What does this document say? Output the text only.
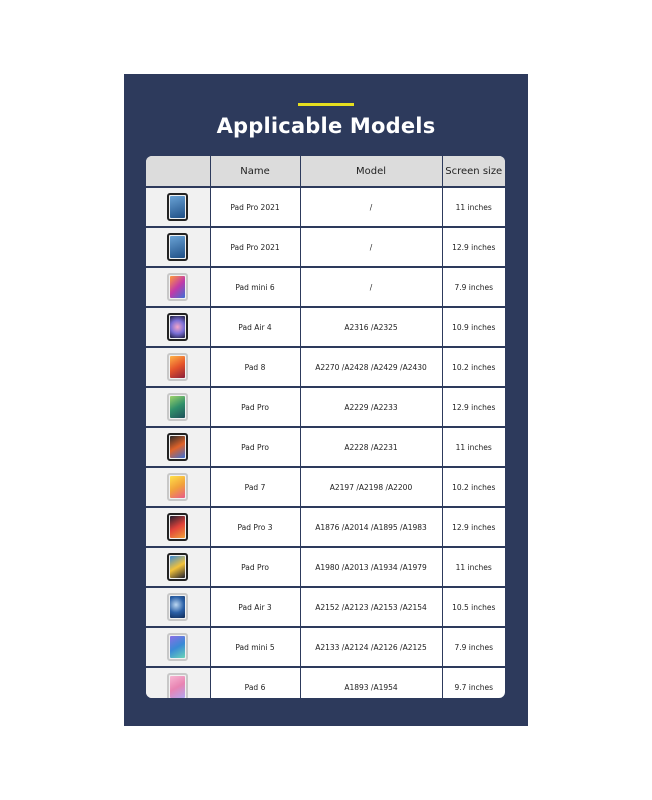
Applicable Models
	Name	Model	Screen size

	Pad Pro 2021	/	11 inches

	Pad Pro 2021	/	12.9 inches

	Pad mini 6	/	7.9 inches

	Pad Air 4	A2316 /A2325	10.9 inches

	Pad 8	A2270 /A2428 /A2429 /A2430	10.2 inches

	Pad Pro	A2229 /A2233	12.9 inches

	Pad Pro	A2228 /A2231	11 inches

	Pad 7	A2197 /A2198 /A2200	10.2 inches

	Pad Pro 3	A1876 /A2014 /A1895 /A1983	12.9 inches

	Pad Pro	A1980 /A2013 /A1934 /A1979	11 inches

	Pad Air 3	A2152 /A2123 /A2153 /A2154	10.5 inches

	Pad mini 5	A2133 /A2124 /A2126 /A2125	7.9 inches

	Pad 6	A1893 /A1954	9.7 inches
